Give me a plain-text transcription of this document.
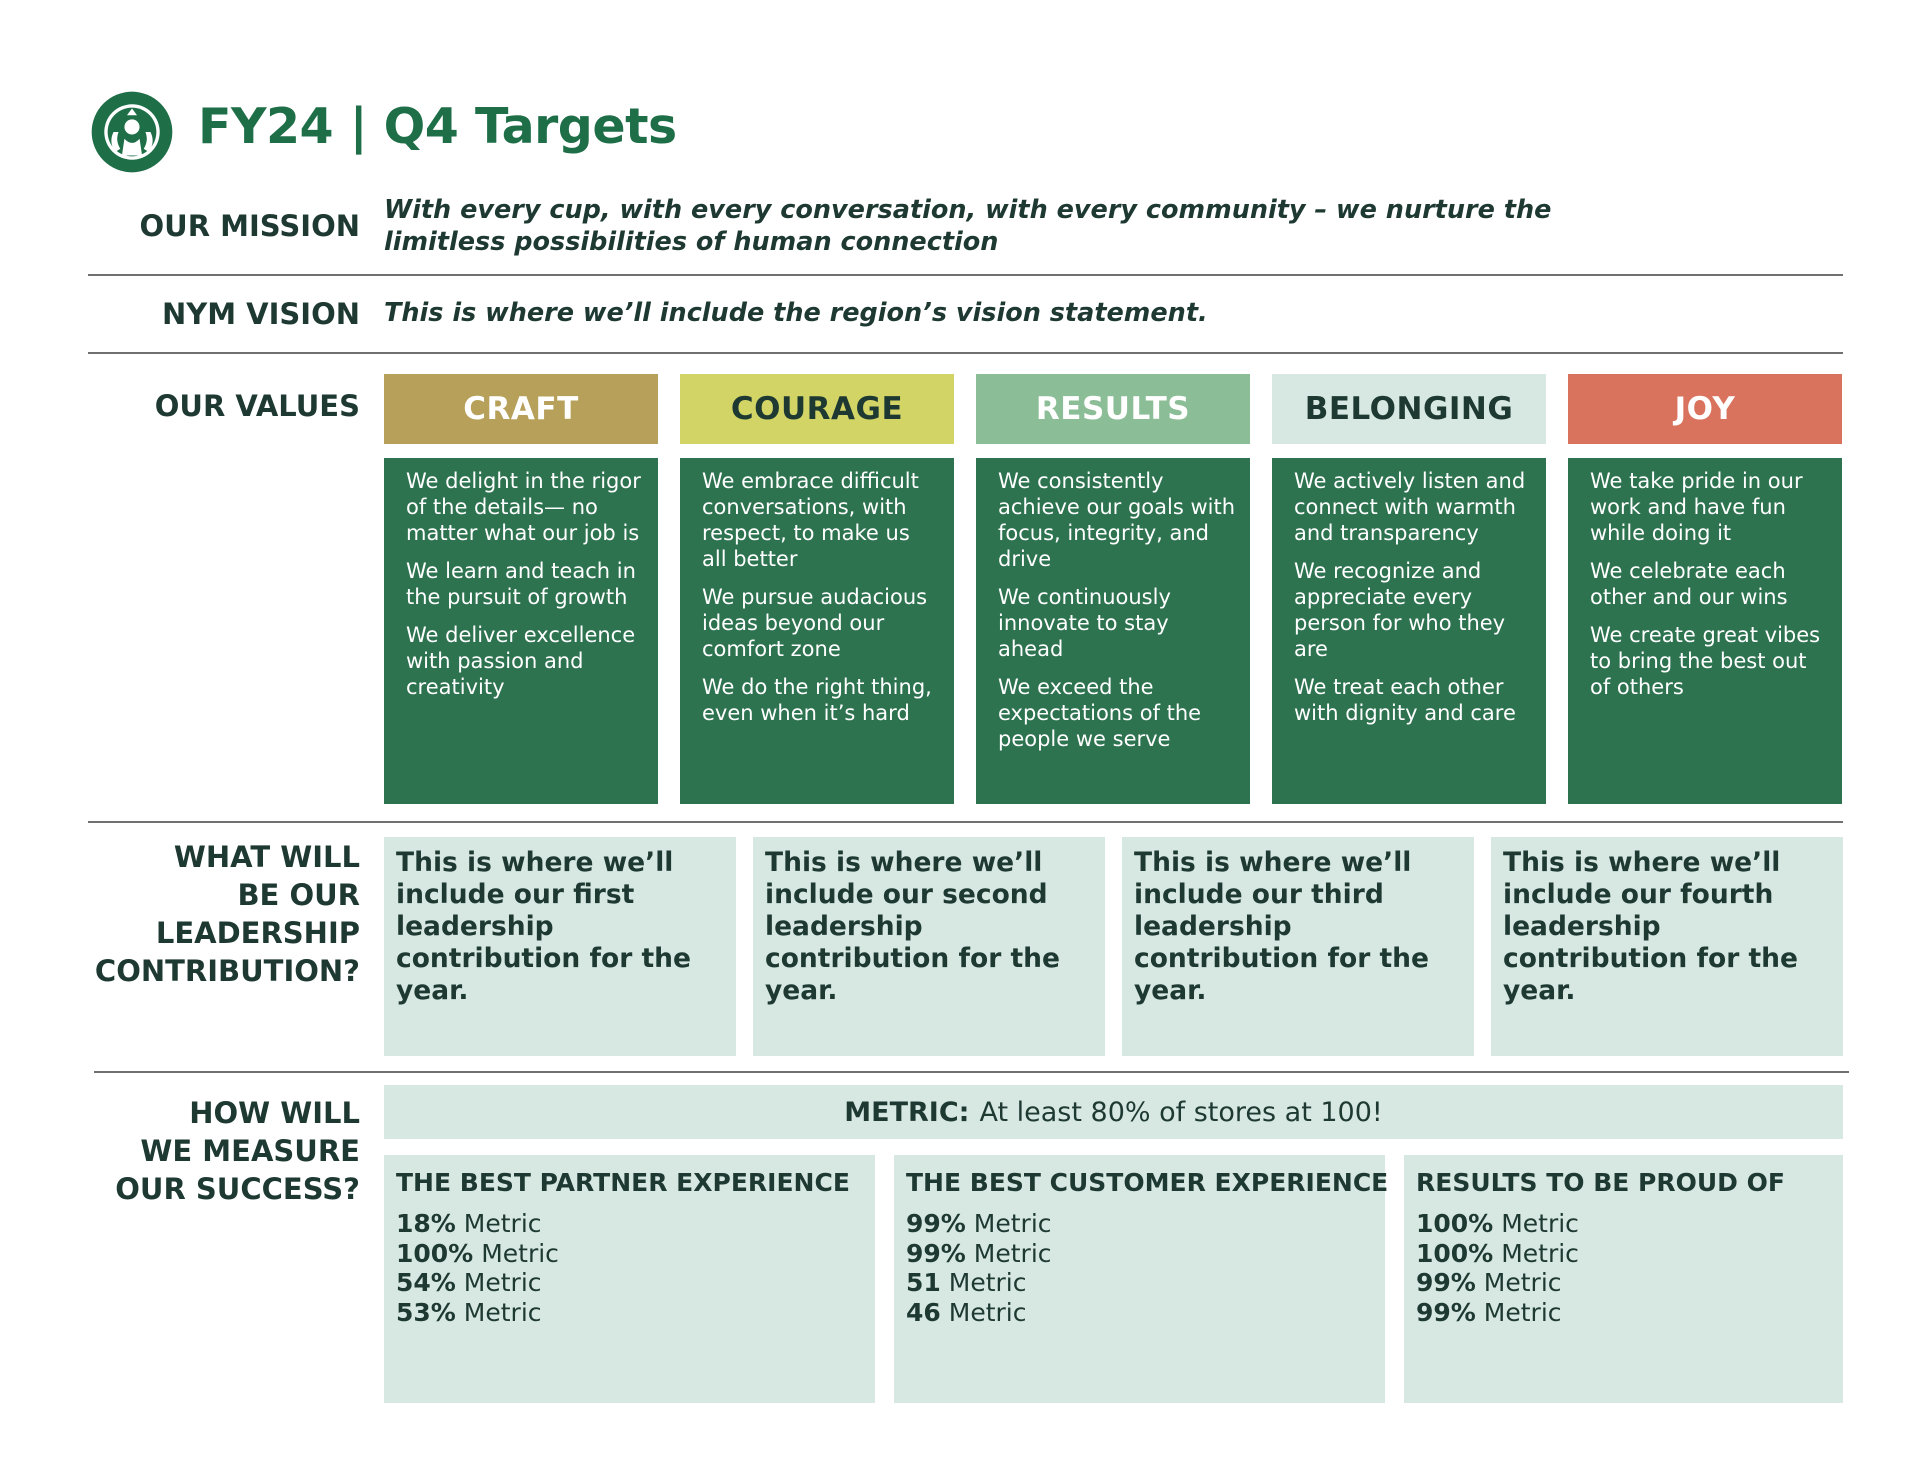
FY24 | Q4 Targets
OUR MISSION With every cup, with every conversation, with every community – we nurture the
limitless possibilities of human connection
NYM VISION This is where we’ll include the region’s vision statement.
OUR VALUES	CRAFT	COURAGE	RESULTS	BELONGING	JOY

We delight in the rigor of the details— no matter what our job is

We learn and teach in the pursuit of growth

We deliver excellence with passion and creativity

We embrace difficult conversations, with respect, to make us all better

We pursue audacious ideas beyond our comfort zone

We do the right thing, even when it’s hard

We consistently achieve our goals with focus, integrity, and drive

We continuously innovate to stay ahead

We exceed the expectations of the people we serve

We actively listen and connect with warmth and transparency

We recognize and appreciate every person for who they are

We treat each other with dignity and care

We take pride in our work and have fun while doing it

We celebrate each other and our wins

We create great vibes to bring the best out of others

WHAT WILL
BE OUR
LEADERSHIP
CONTRIBUTION?
This is where we’ll include our first leadership contribution for the year.
This is where we’ll include our second leadership contribution for the year.
This is where we’ll include our third leadership contribution for the year.
This is where we’ll include our fourth leadership contribution for the year.
HOW WILL
WE MEASURE
OUR SUCCESS?
METRIC: At least 80% of stores at 100!
THE BEST PARTNER EXPERIENCE
18% Metric
100% Metric
54% Metric
53% Metric
THE BEST CUSTOMER EXPERIENCE
99% Metric
99% Metric
51 Metric
46 Metric
RESULTS TO BE PROUD OF
100% Metric
100% Metric
99% Metric
99% Metric
